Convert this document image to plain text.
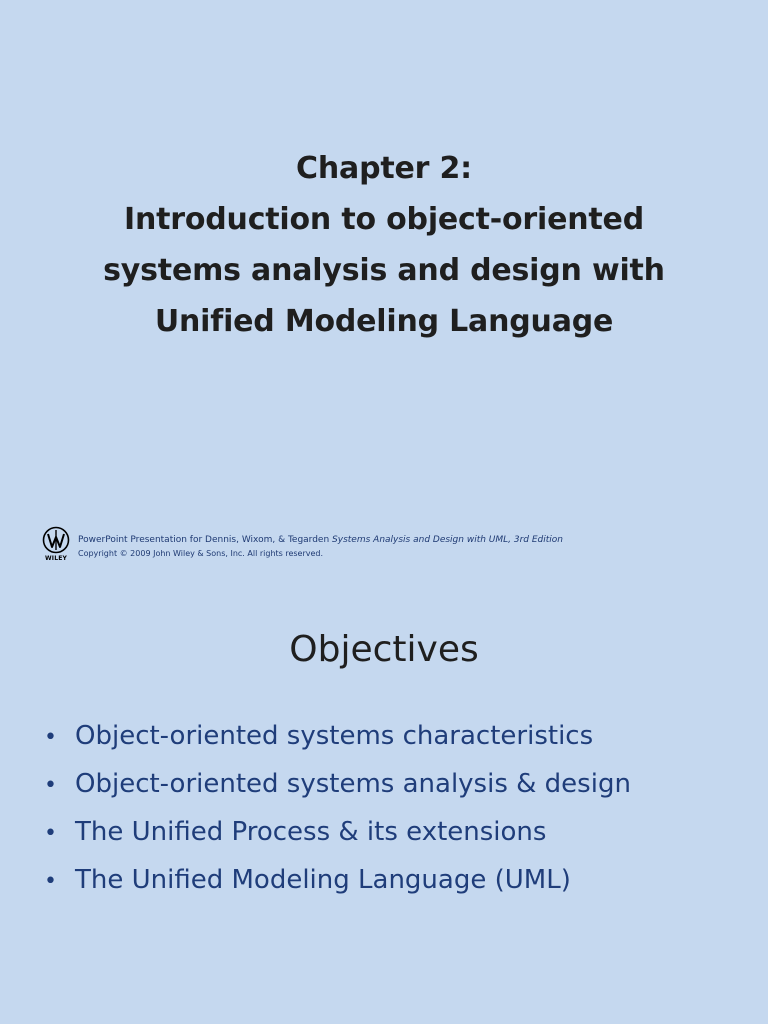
Chapter 2:
Introduction to object-oriented
systems analysis and design with
Unified Modeling Language
WILEY
PowerPoint Presentation for Dennis, Wixom, & Tegarden Systems Analysis and Design with UML, 3rd Edition
Copyright © 2009 John Wiley & Sons, Inc. All rights reserved.
Objectives
• Object-oriented systems characteristics
• Object-oriented systems analysis & design
• The Unified Process & its extensions
• The Unified Modeling Language (UML)
